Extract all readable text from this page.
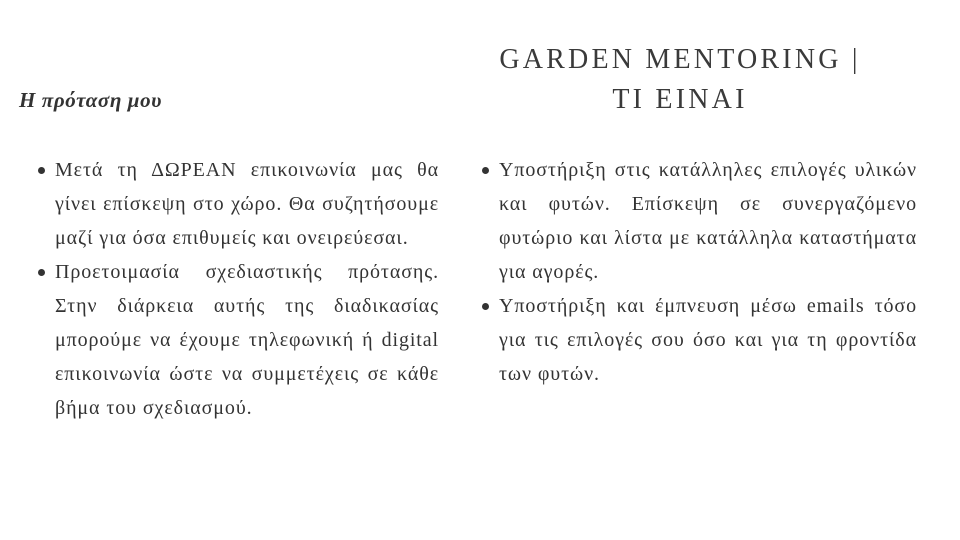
Η πρόταση μου

GARDEN MENTORING |
TI EINAI
Μετά τη ΔΩΡΕΑΝ επικοινωνία μας θα γίνει επίσκεψη στο χώρο. Θα συζητήσουμε μαζί για όσα επιθυμείς και ονειρεύεσαι.
Προετοιμασία σχεδιαστικής πρότασης. Στην διάρκεια αυτής της διαδικασίας μπορούμε να έχουμε τηλεφωνική ή digital επικοινωνία ώστε να συμμετέχεις σε κάθε βήμα του σχεδιασμού.
Υποστήριξη στις κατάλληλες επιλογές υλικών και φυτών. Επίσκεψη σε συνεργαζόμενο φυτώριο και λίστα με κατάλληλα καταστήματα για αγορές.
Υποστήριξη και έμπνευση μέσω emails τόσο για τις επιλογές σου όσο και για τη φροντίδα των φυτών.
